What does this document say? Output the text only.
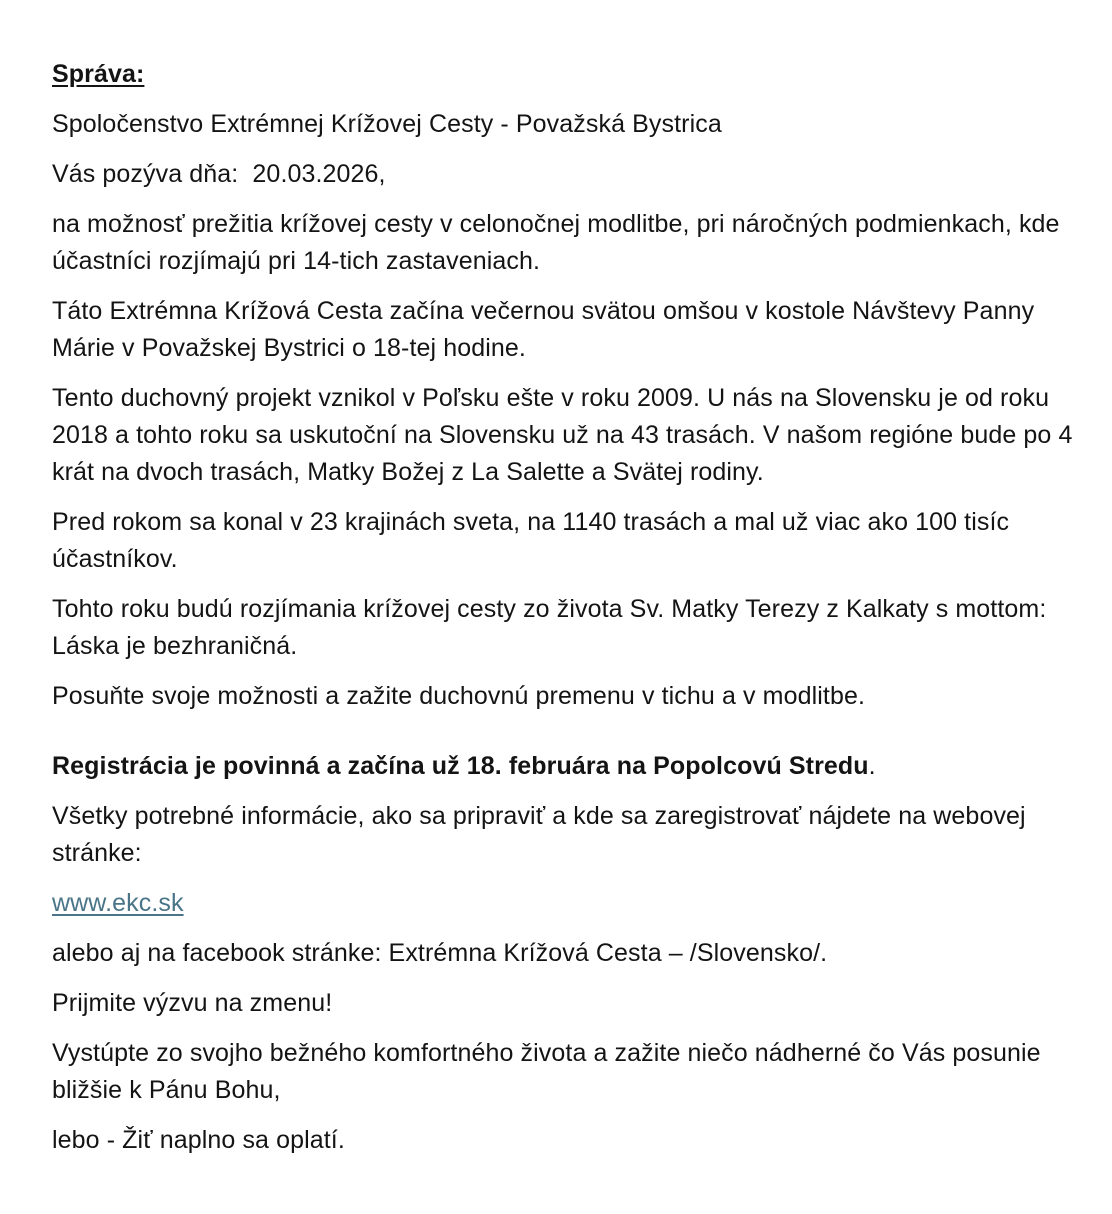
Správa:

Spoločenstvo Extrémnej Krížovej Cesty - Považská Bystrica

Vás pozýva dňa:  20.03.2026,

na možnosť prežitia krížovej cesty v celonočnej modlitbe, pri náročných podmienkach, kde účastníci rozjímajú pri 14-tich zastaveniach.

Táto Extrémna Krížová Cesta začína večernou svätou omšou v kostole Návštevy Panny Márie v Považskej Bystrici o 18-tej hodine.

Tento duchovný projekt vznikol v Poľsku ešte v roku 2009. U nás na Slovensku je od roku 2018 a tohto roku sa uskutoční na Slovensku už na 43 trasách. V našom regióne bude po 4 krát na dvoch trasách, Matky Božej z La Salette a Svätej rodiny.

Pred rokom sa konal v 23 krajinách sveta, na 1140 trasách a mal už viac ako 100 tisíc účastníkov.

Tohto roku budú rozjímania krížovej cesty zo života Sv. Matky Terezy z Kalkaty s mottom: Láska je bezhraničná.

Posuňte svoje možnosti a zažite duchovnú premenu v tichu a v modlitbe.

Registrácia je povinná a začína už 18. februára na Popolcovú Stredu.

Všetky potrebné informácie, ako sa pripraviť a kde sa zaregistrovať nájdete na webovej stránke:

www.ekc.sk

alebo aj na facebook stránke: Extrémna Krížová Cesta – /Slovensko/.

Prijmite výzvu na zmenu!

Vystúpte zo svojho bežného komfortného života a zažite niečo nádherné čo Vás posunie bližšie k Pánu Bohu,

lebo - Žiť naplno sa oplatí.
